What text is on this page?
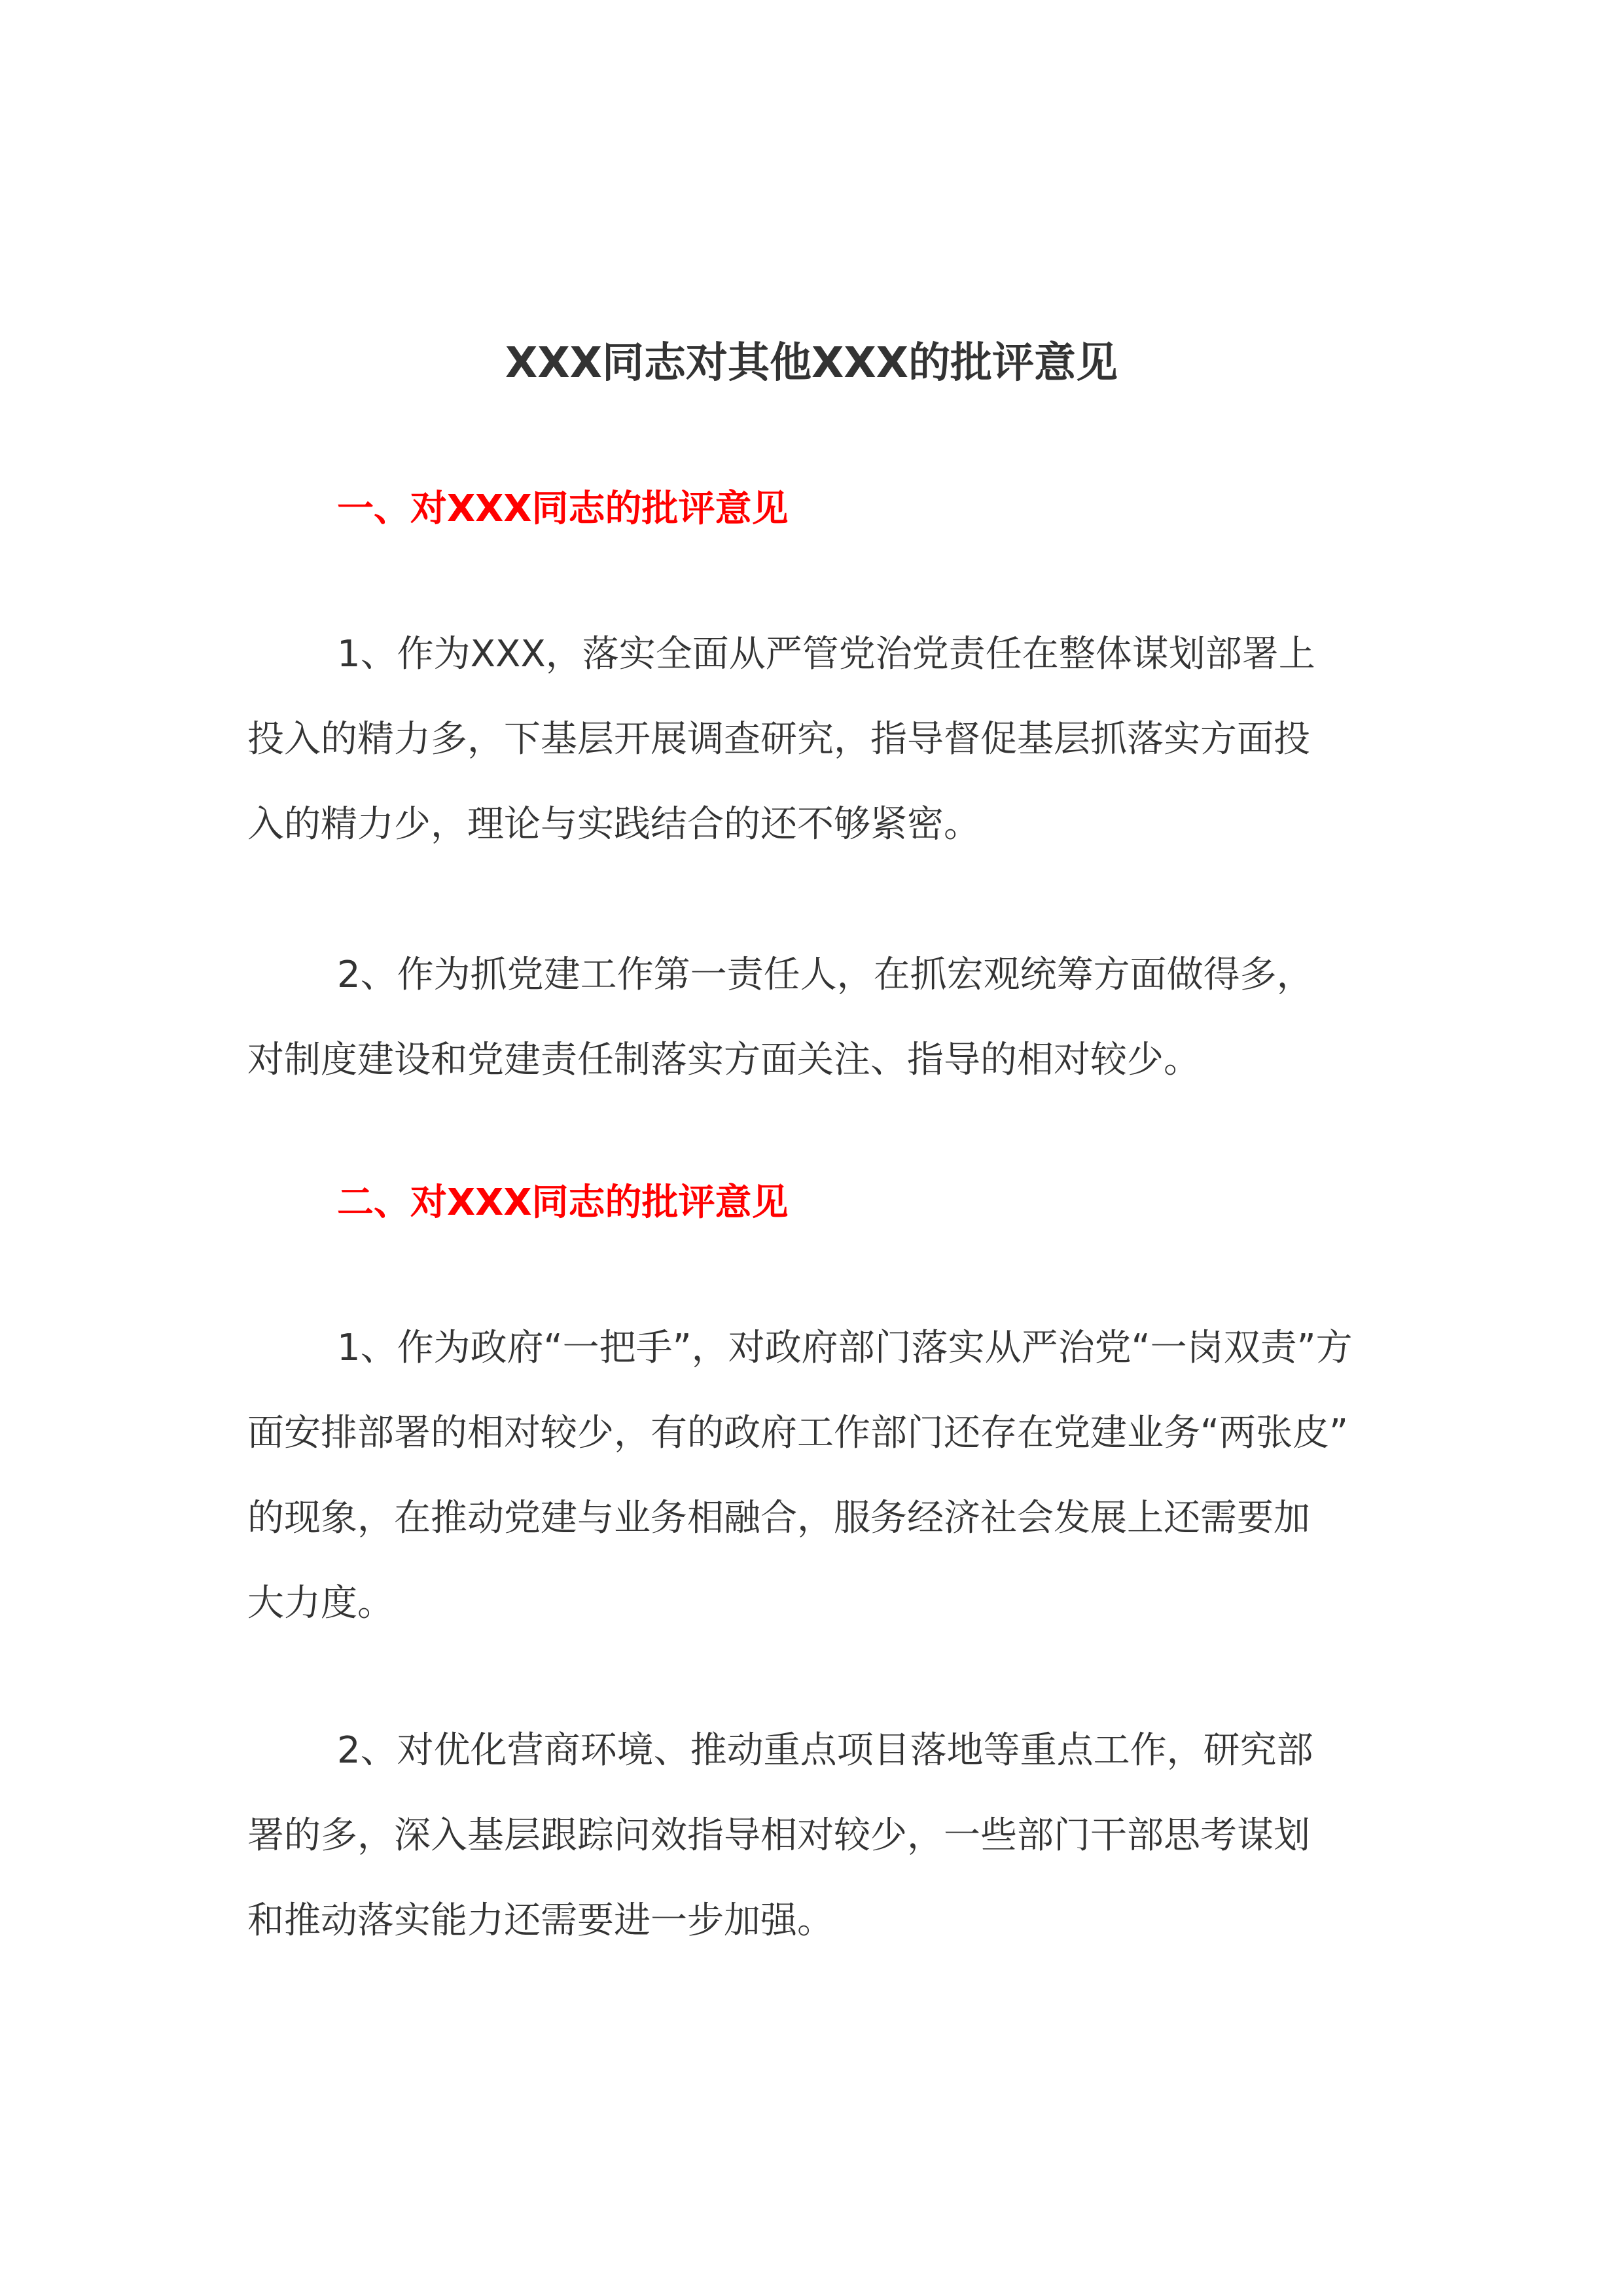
XXX同志对其他XXX的批评意见
一、对XXX同志的批评意见

1、作为XXX，落实全面从严管党治党责任在整体谋划部署上
投入的精力多，下基层开展调查研究，指导督促基层抓落实方面投
入的精力少，理论与实践结合的还不够紧密。

2、作为抓党建工作第一责任人，在抓宏观统筹方面做得多，
对制度建设和党建责任制落实方面关注、指导的相对较少。

二、对XXX同志的批评意见

1、作为政府“一把手”，对政府部门落实从严治党“一岗双责”方
面安排部署的相对较少，有的政府工作部门还存在党建业务“两张皮”
的现象，在推动党建与业务相融合，服务经济社会发展上还需要加
大力度。

2、对优化营商环境、推动重点项目落地等重点工作，研究部
署的多，深入基层跟踪问效指导相对较少，一些部门干部思考谋划
和推动落实能力还需要进一步加强。
